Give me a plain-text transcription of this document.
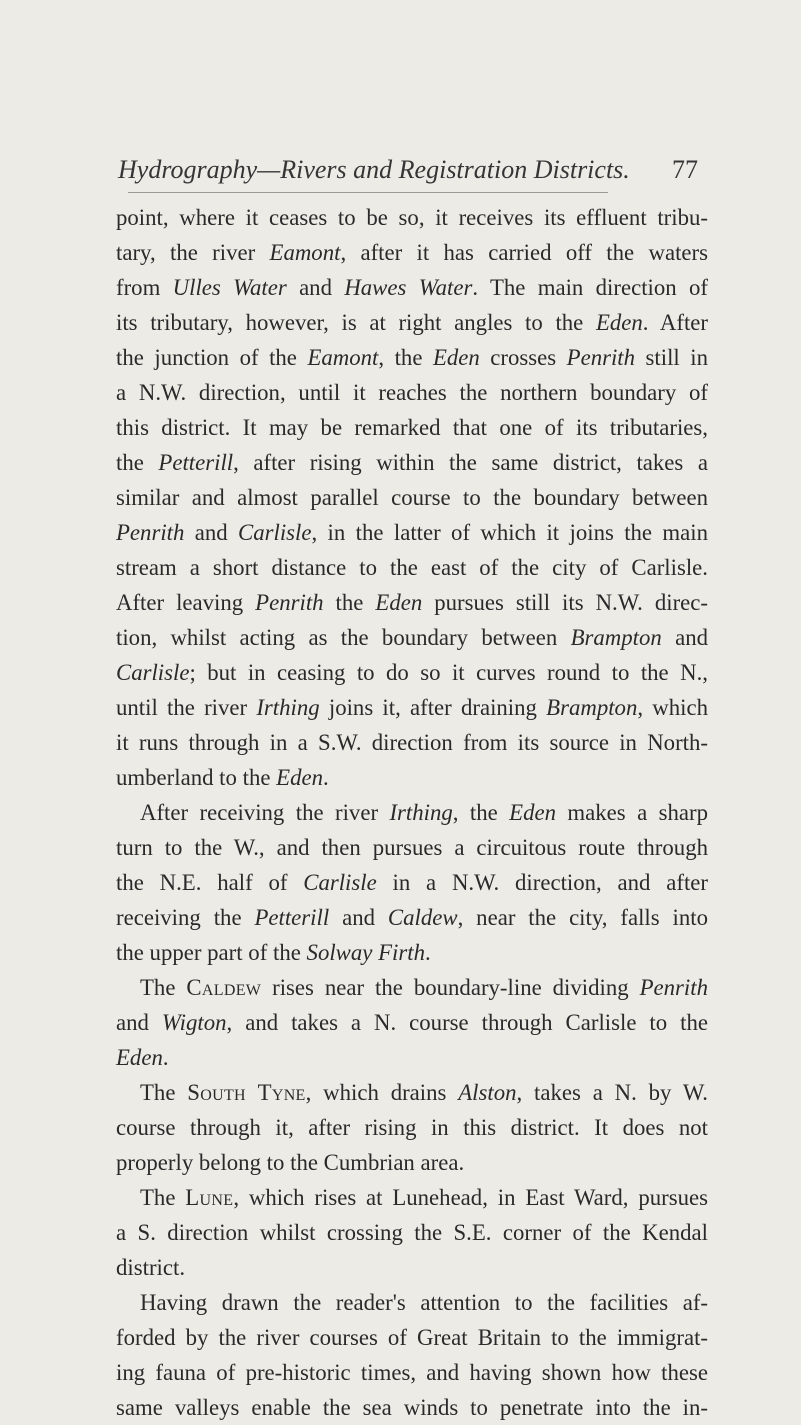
Hydrography—Rivers and Registration Districts. 77
point, where it ceases to be so, it receives its effluent tribu-
tary, the river Eamont, after it has carried off the waters
from Ulles Water and Hawes Water. The main direction of
its tributary, however, is at right angles to the Eden. After
the junction of the Eamont, the Eden crosses Penrith still in
a N.W. direction, until it reaches the northern boundary of
this district. It may be remarked that one of its tributaries,
the Petterill, after rising within the same district, takes a
similar and almost parallel course to the boundary between
Penrith and Carlisle, in the latter of which it joins the main
stream a short distance to the east of the city of Carlisle.
After leaving Penrith the Eden pursues still its N.W. direc-
tion, whilst acting as the boundary between Brampton and
Carlisle; but in ceasing to do so it curves round to the N.,
until the river Irthing joins it, after draining Brampton, which
it runs through in a S.W. direction from its source in North-
umberland to the Eden.
After receiving the river Irthing, the Eden makes a sharp
turn to the W., and then pursues a circuitous route through
the N.E. half of Carlisle in a N.W. direction, and after
receiving the Petterill and Caldew, near the city, falls into
the upper part of the Solway Firth.
The Caldew rises near the boundary-line dividing Penrith
and Wigton, and takes a N. course through Carlisle to the
Eden.
The South Tyne, which drains Alston, takes a N. by W.
course through it, after rising in this district. It does not
properly belong to the Cumbrian area.
The Lune, which rises at Lunehead, in East Ward, pursues
a S. direction whilst crossing the S.E. corner of the Kendal
district.
Having drawn the reader's attention to the facilities af-
forded by the river courses of Great Britain to the immigrat-
ing fauna of pre-historic times, and having shown how these
same valleys enable the sea winds to penetrate into the in-
